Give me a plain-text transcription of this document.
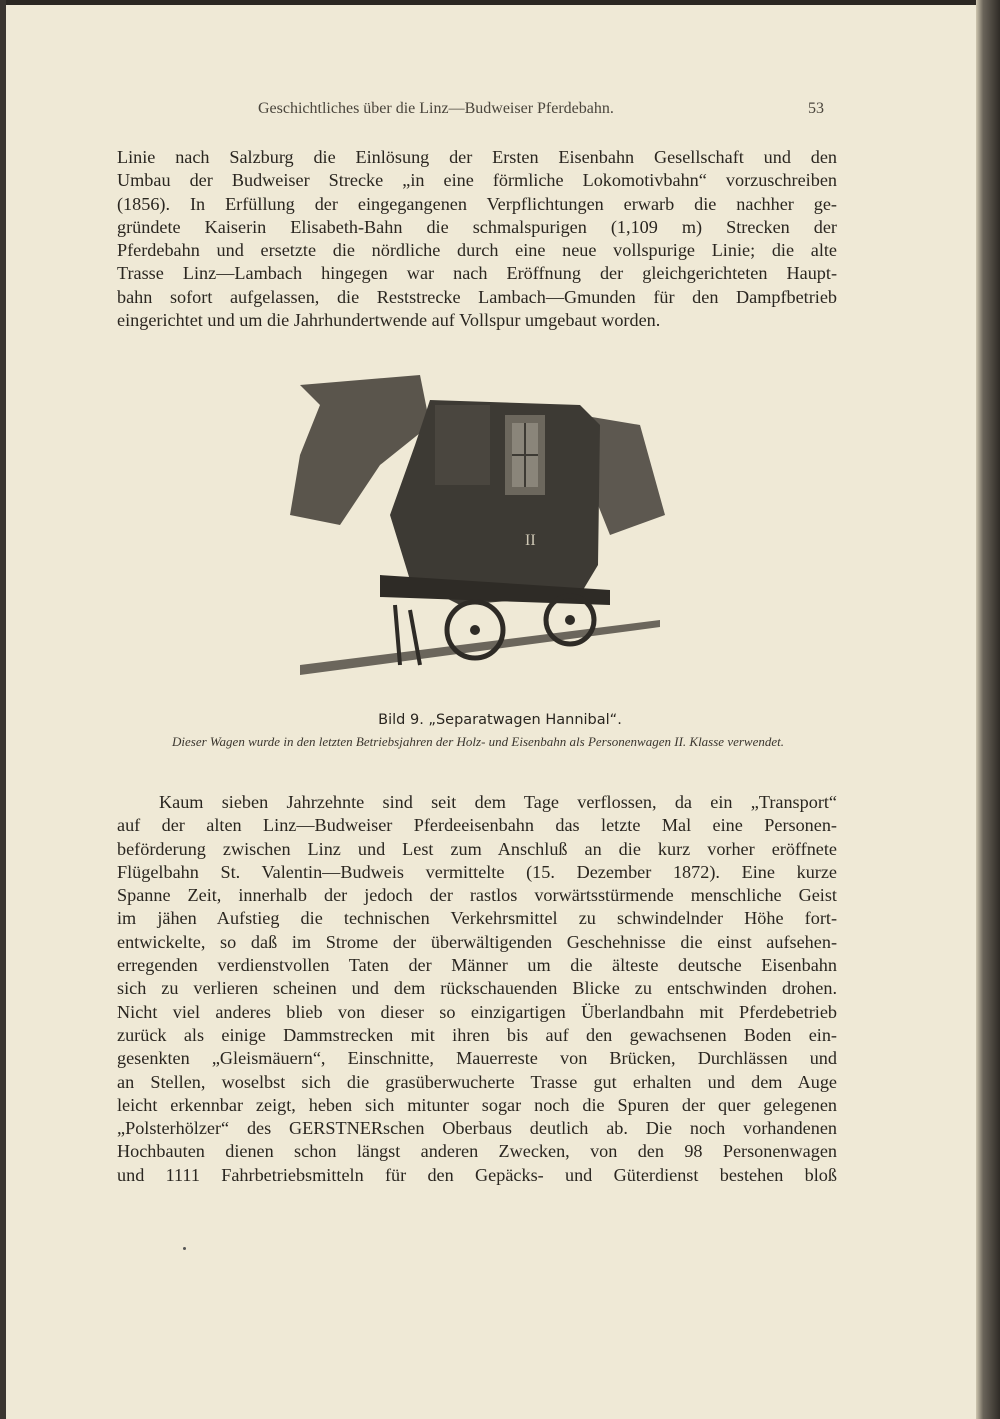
Geschichtliches über die Linz—Budweiser Pferdebahn.	53
Linie nach Salzburg die Einlösung der Ersten Eisenbahn Gesellschaft und den
Umbau der Budweiser Strecke „in eine förmliche Lokomotivbahn“ vorzuschreiben
(1856). In Erfüllung der eingegangenen Verpflichtungen erwarb die nachher ge-
gründete Kaiserin Elisabeth-Bahn die schmalspurigen (1,109 m) Strecken der
Pferdebahn und ersetzte die nördliche durch eine neue vollspurige Linie; die alte
Trasse Linz—Lambach hingegen war nach Eröffnung der gleichgerichteten Haupt-
bahn sofort aufgelassen, die Reststrecke Lambach—Gmunden für den Dampfbetrieb
eingerichtet und um die Jahrhundertwende auf Vollspur umgebaut worden.
II
Bild 9. „Separatwagen Hannibal“.
Dieser Wagen wurde in den letzten Betriebsjahren der Holz- und Eisenbahn als Personenwagen II. Klasse verwendet.
Kaum sieben Jahrzehnte sind seit dem Tage verflossen, da ein „Transport“
auf der alten Linz—Budweiser Pferdeeisenbahn das letzte Mal eine Personen-
beförderung zwischen Linz und Lest zum Anschluß an die kurz vorher eröffnete
Flügelbahn St. Valentin—Budweis vermittelte (15. Dezember 1872). Eine kurze
Spanne Zeit, innerhalb der jedoch der rastlos vorwärtsstürmende menschliche Geist
im jähen Aufstieg die technischen Verkehrsmittel zu schwindelnder Höhe fort-
entwickelte, so daß im Strome der überwältigenden Geschehnisse die einst aufsehen-
erregenden verdienstvollen Taten der Männer um die älteste deutsche Eisenbahn
sich zu verlieren scheinen und dem rückschauenden Blicke zu entschwinden drohen.
Nicht viel anderes blieb von dieser so einzigartigen Überlandbahn mit Pferdebetrieb
zurück als einige Dammstrecken mit ihren bis auf den gewachsenen Boden ein-
gesenkten „Gleismäuern“, Einschnitte, Mauerreste von Brücken, Durchlässen und
an Stellen, woselbst sich die grasüberwucherte Trasse gut erhalten und dem Auge
leicht erkennbar zeigt, heben sich mitunter sogar noch die Spuren der quer gelegenen
„Polsterhölzer“ des GERSTNERschen Oberbaus deutlich ab. Die noch vorhandenen
Hochbauten dienen schon längst anderen Zwecken, von den 98 Personenwagen
und 1111 Fahrbetriebsmitteln für den Gepäcks- und Güterdienst bestehen bloß
